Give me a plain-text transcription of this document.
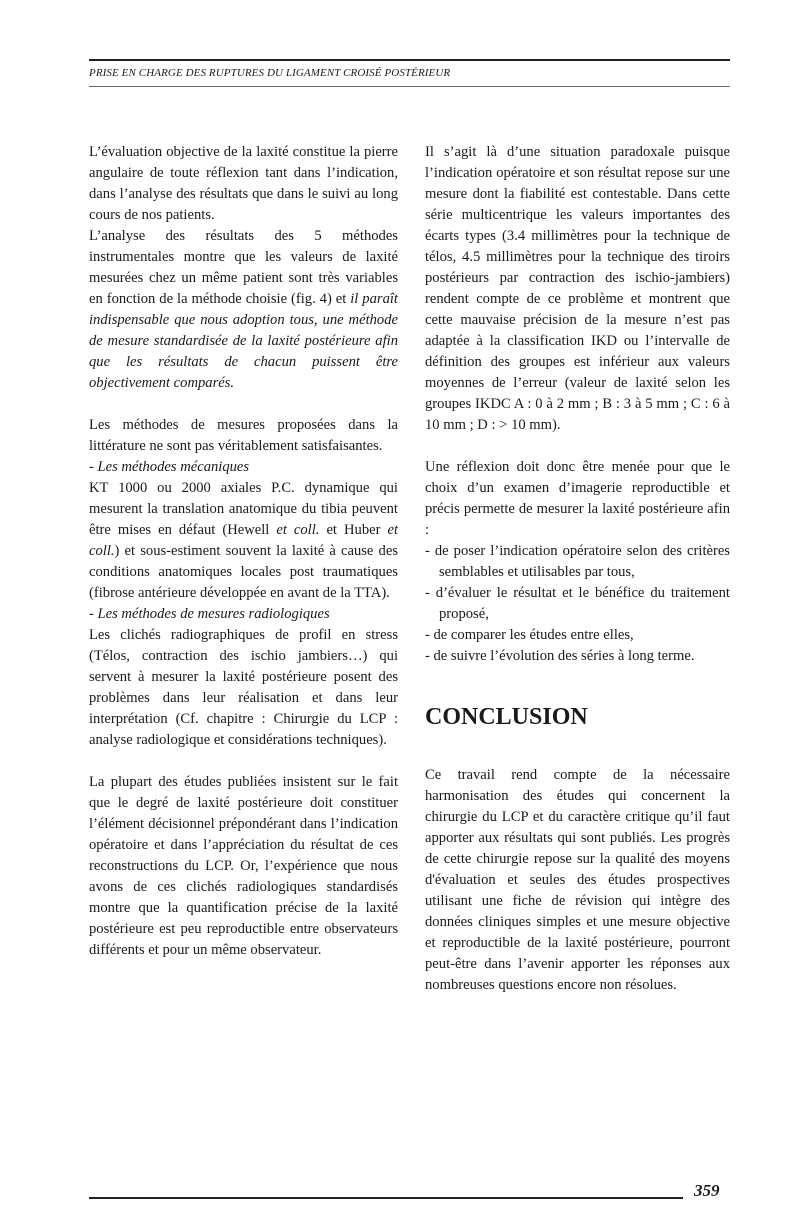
PRISE EN CHARGE DES RUPTURES DU LIGAMENT CROISÉ POSTÉRIEUR

L’évaluation objective de la laxité constitue la pierre angulaire de toute réflexion tant dans l’indication, dans l’analyse des résultats que dans le suivi au long cours de nos patients.

L’analyse des résultats des 5 méthodes instrumentales montre que les valeurs de laxité mesurées chez un même patient sont très variables en fonction de la méthode choisie (fig. 4) et il paraît indispensable que nous adoption tous, une méthode de mesure standardisée de la laxité postérieure afin que les résultats de chacun puissent être objectivement comparés.

Les méthodes de mesures proposées dans la littérature ne sont pas véritablement satisfaisantes.

- Les méthodes mécaniques

KT 1000 ou 2000 axiales P.C. dynamique qui mesurent la translation anatomique du tibia peuvent être mises en défaut (Hewell et coll. et Huber et coll.) et sous-estiment souvent la laxité à cause des conditions anatomiques locales post traumatiques (fibrose antérieure développée en avant de la TTA).

- Les méthodes de mesures radiologiques

Les clichés radiographiques de profil en stress (Télos, contraction des ischio jambiers…) qui servent à mesurer la laxité postérieure posent des problèmes dans leur réalisation et dans leur interprétation (Cf. chapitre : Chirurgie du LCP : analyse radiologique et considérations techniques).

La plupart des études publiées insistent sur le fait que le degré de laxité postérieure doit constituer l’élément décisionnel prépondérant dans l’indication opératoire et dans l’appréciation du résultat de ces reconstructions du LCP. Or, l’expérience que nous avons de ces clichés radiologiques standardisés montre que la quantification précise de la laxité postérieure est peu reproductible entre observateurs différents et pour un même observateur.

Il s’agit là d’une situation paradoxale puisque l’indication opératoire et son résultat repose sur une mesure dont la fiabilité est contestable. Dans cette série multicentrique les valeurs importantes des écarts types (3.4 millimètres pour la technique de télos, 4.5 millimètres pour la technique des tiroirs postérieurs par contraction des ischio-jambiers) rendent compte de ce problème et montrent que cette mauvaise précision de la mesure n’est pas adaptée à la classification IKD ou l’intervalle de définition des groupes est inférieur aux valeurs moyennes de l’erreur (valeur de laxité selon les groupes IKDC A : 0 à 2 mm ; B : 3 à 5 mm ; C : 6 à 10 mm ; D : > 10 mm).

Une réflexion doit donc être menée pour que le choix d’un examen d’imagerie reproductible et précis permette de mesurer la laxité postérieure afin :

- de poser l’indication opératoire selon des critères semblables et utilisables par tous,
- d’évaluer le résultat et le bénéfice du traitement proposé,
- de comparer les études entre elles,
- de suivre l’évolution des séries à long terme.
CONCLUSION

Ce travail rend compte de la nécessaire harmonisation des études qui concernent la chirurgie du LCP et du caractère critique qu’il faut apporter aux résultats qui sont publiés. Les progrès de cette chirurgie repose sur la qualité des moyens d'évaluation et seules des études prospectives utilisant une fiche de révision qui intègre des données cliniques simples et une mesure objective et reproductible de la laxité postérieure, pourront peut-être dans l’avenir apporter les réponses aux nombreuses questions encore non résolues.

359
